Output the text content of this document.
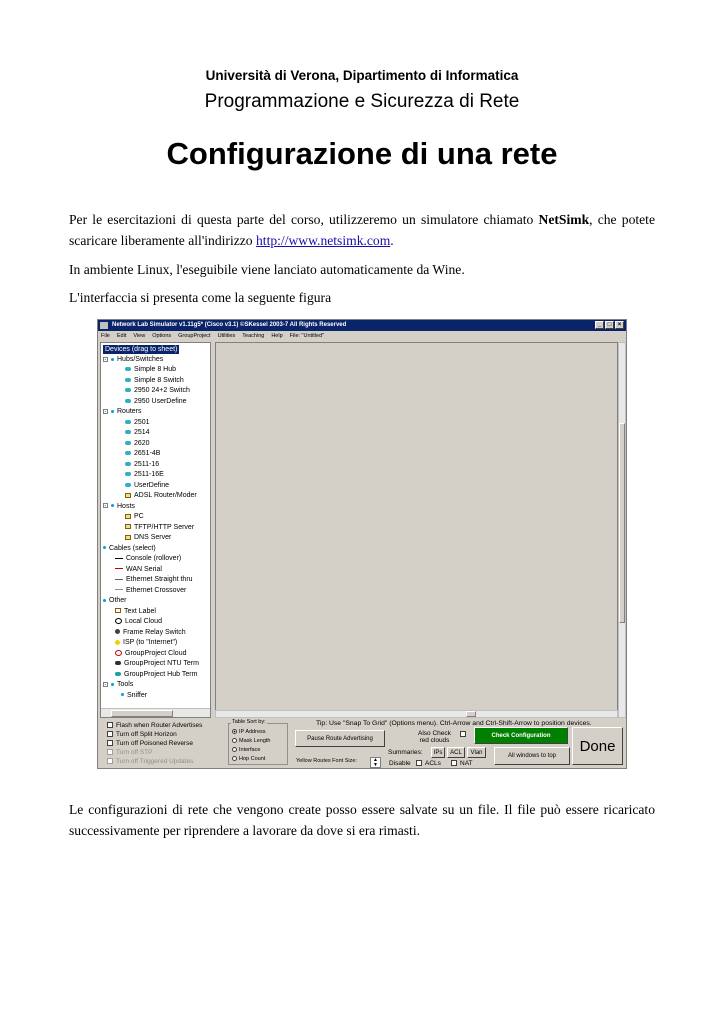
Università di Verona, Dipartimento di Informatica
Programmazione e Sicurezza di Rete
Configurazione di una rete
Per le esercitazioni di questa parte del corso, utilizzeremo un simulatore chiamato NetSimk, che potete scaricare liberamente all'indirizzo http://www.netsimk.com.
In ambiente Linux, l'eseguibile viene lanciato automaticamente da Wine.
L'interfaccia si presenta come la seguente figura
Network Lab Simulator v1.11g5* (Cisco v3.1) ©SKessel 2003-7 All Rights Reserved	_	□	×
File Edit View Options GroupProject Utilities Teaching Help File: "Untitled"
Devices (drag to sheet)
- Hubs/Switches
Simple 8 Hub
Simple 8 Switch
2950 24+2 Switch
2950 UserDefine
- Routers
2501
2514
2620
2651-4B
2511-16
2511-16E
UserDefine
ADSL Router/Moder
- Hosts
PC
TFTP/HTTP Server
DNS Server
Cables (select)
Console (rollover)
WAN Serial
Ethernet Straight thru
Ethernet Crossover
Other
Text Label
Local Cloud
Frame Relay Switch
ISP (to "Internet")
GroupProject Cloud
GroupProject NTU Term
GroupProject Hub Term
- Tools
Sniffer
Flash when Router Advertises
Turn off Split Horizon
Turn off Poisoned Reverse
Turn off STP
Turn off Triggered Updates
Table Sort by:
IP Address
Mask Length
Interface
Hop Count
Tip: Use "Snap To Grid" (Options menu). Ctrl-Arrow and Ctrl-Shift-Arrow to position devices.
Pause Route Advertising
Also Check
red clouds
Check Configuration
Summaries:	IPs	ACL	Vlan
Disable	ACLs	NAT
Yellow Routes Font Size:	▲
▼
All windows to top
Done
Le configurazioni di rete che vengono create posso essere salvate su un file. Il file può essere ricaricato successivamente per riprendere a lavorare da dove si era rimasti.
